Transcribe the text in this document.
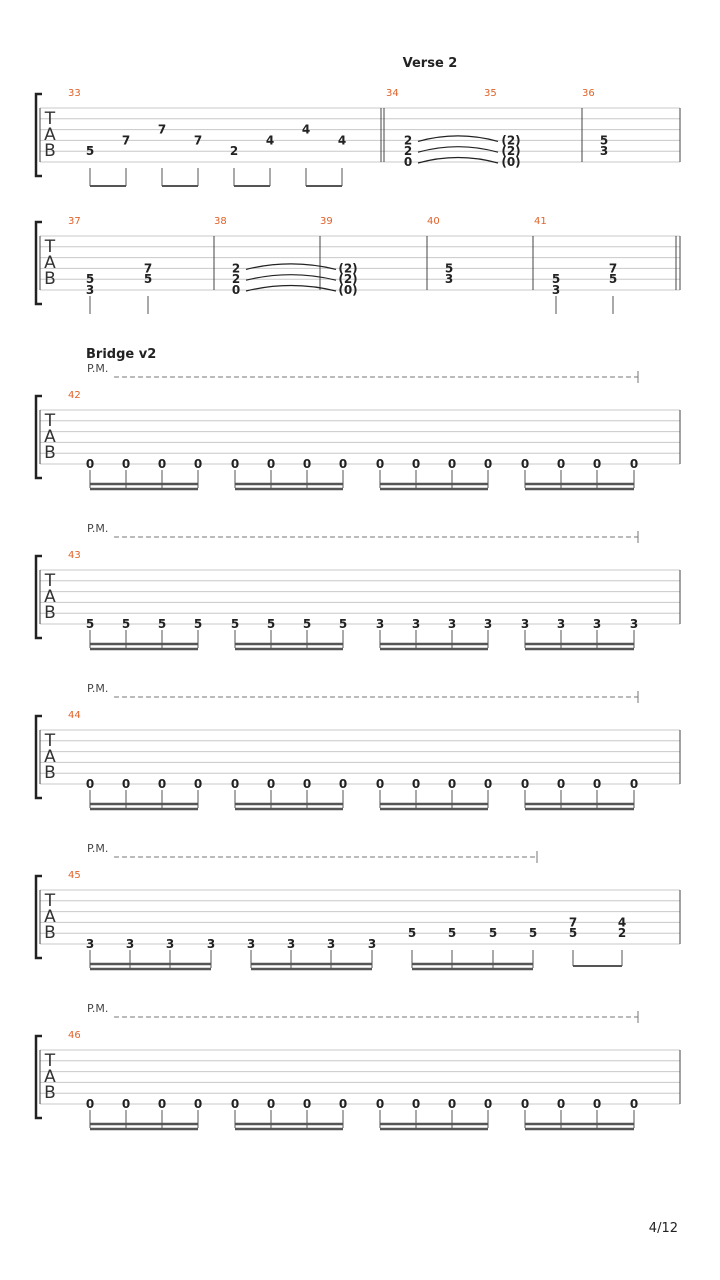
Verse 2
Bridge v2
T
A
B
33	34	35	36
5
7
7
7
2
4
4
4	2
2
0
(2)
(2)
(0)
5
3
T
A
B
37	38	39	40	41
5
3
7
5
2
2
0
(2)
(2)
(0)
5
3	5
3
7
5
T
A
B
42
P.M.
0 0 0 0 0 0 0 0 0 0 0 0 0 0 0 0
T
A
B
43
P.M.
5 5 5 5 5 5 5 5 3 3 3 3 3 3 3 3
T
A
B
44
P.M.
0 0 0 0 0 0 0 0 0 0 0 0 0 0 0 0
T
A
B
46
P.M.
0 0 0 0 0 0 0 0 0 0 0 0 0 0 0 0
T
A
B
45
P.M.
3	3	3	3	3	3	3	3
5	5	5	5
7
5
4
2
4/12
